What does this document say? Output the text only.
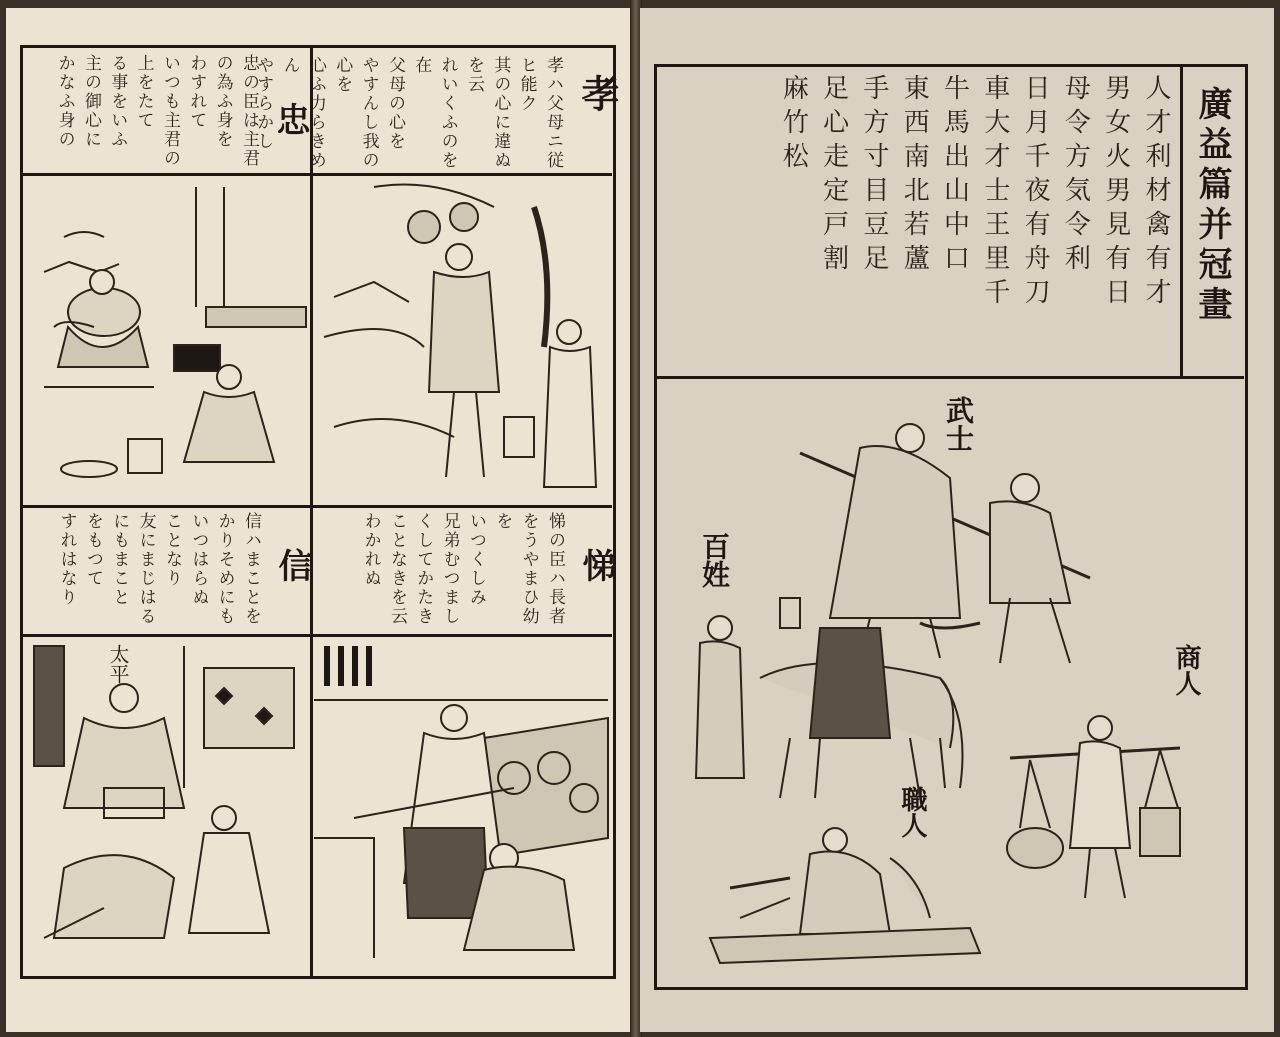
孝

孝ハ父母ニ従ヒ能ク

其の心に違ぬを云

れいくふのを在

父母の心を

やすんし我の心を

心ふ力らきめん

やすらかし

忠

忠の臣は主君

の為ふ身を

わすれて

いつも主君の

上をたて

る事をいふ

主の御心に

かなふ身の

悌

悌の臣ハ長者

をうやまひ幼を

いつくしみ

兄弟むつまし

くしてかたき

ことなきを云

わかれぬ

信

信ハまことを

かりそめにも

いつはらぬ

ことなり

友にまじはる

にもまこと

をもつて

すれはなり

太平
廣益篇并冠畫

人才利材禽有才

男女火男見有日

母令方気令利

日月千夜有舟刀

車大才士王里千

牛馬出山中口

東西南北若蘆

手方寸目豆足

足心走定戸割

麻竹松

武士
百姓
商人
職人
